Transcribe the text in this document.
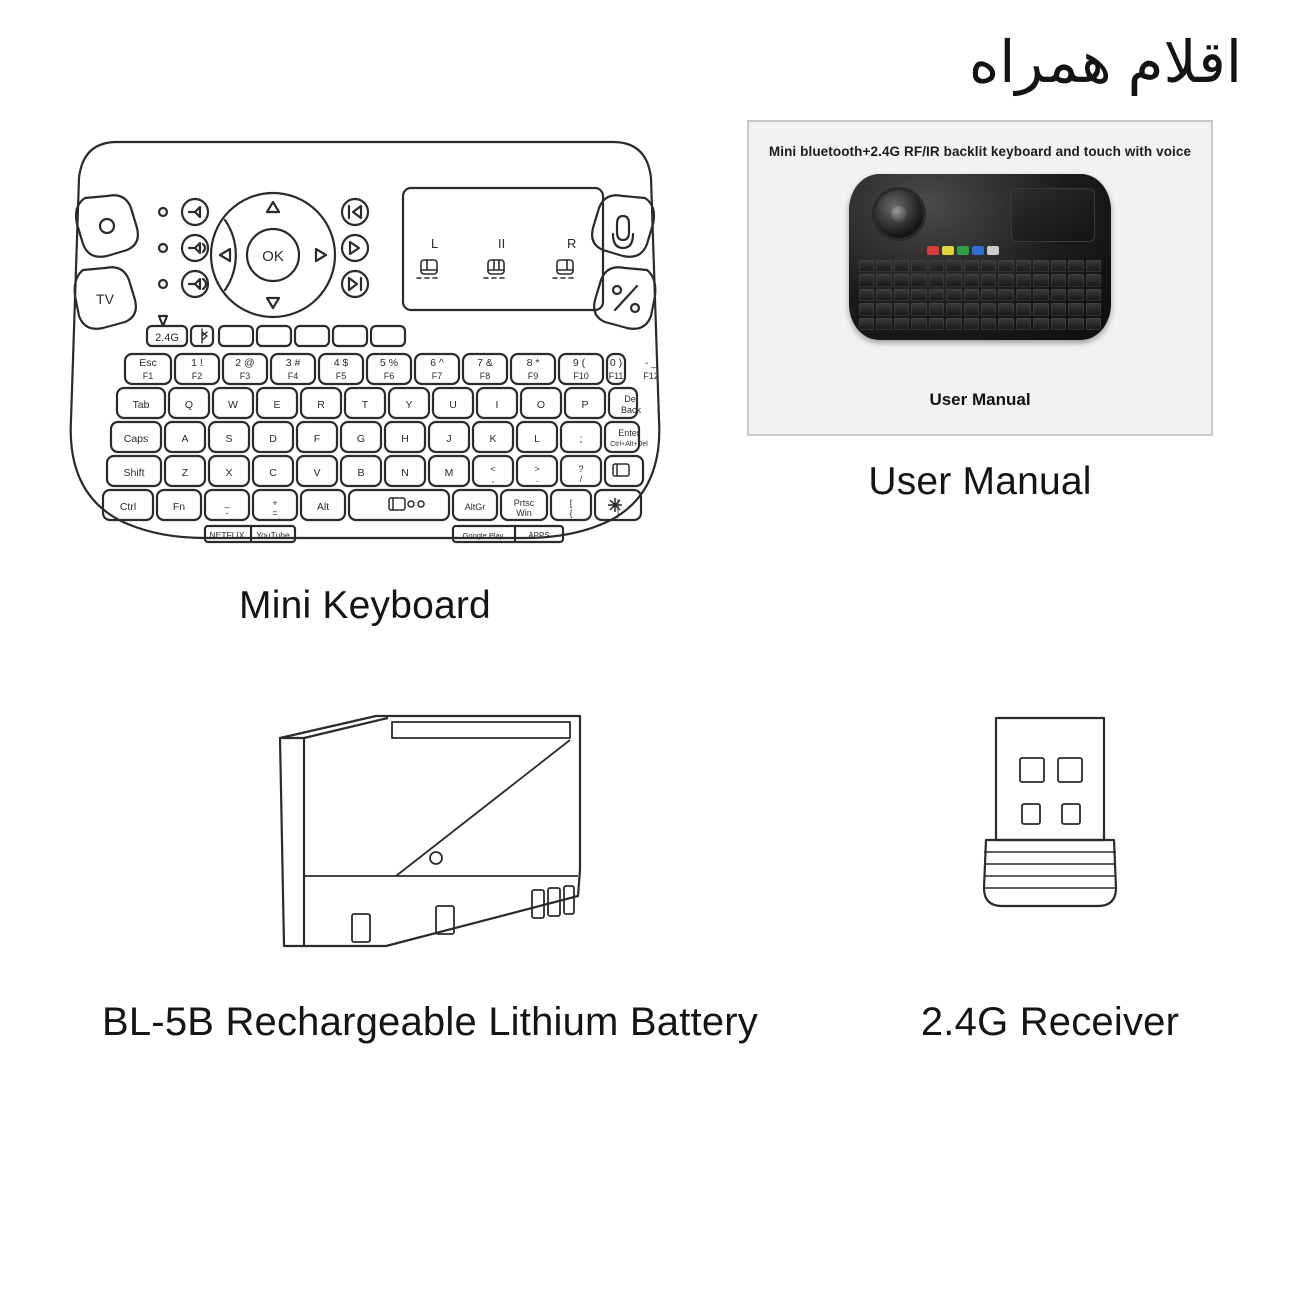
اقلام همراه
TV
OK
L	II	R
2.4G
Esc
F1
1 !
F2
2 @
F3
3 #
F4
4 $
F5
5 %
F6
6 ^
F7
7 &
F8
8 *
F9
9 (
F10
0 )
F11
- _
F12
Tab	Q	W	E	R	T	Y	U	I	O	P	Del
Back
Caps	A	S	D	F	G	H	J	K	L	;	Enter
Ctrl+Alt+Del
Shift	Z	X	C	V	B	N	M	<
,
>
.
?
/
Ctrl	Fn	_
-
+
=	Alt	AltGr	Prtsc
Win
[
{
]
}
NETFLIX YouTube	Google Play	APPS
Mini Keyboard
Mini bluetooth+2.4G RF/IR backlit keyboard and touch with voice
User Manual
User Manual
BL-5B Rechargeable Lithium Battery	2.4G Receiver
